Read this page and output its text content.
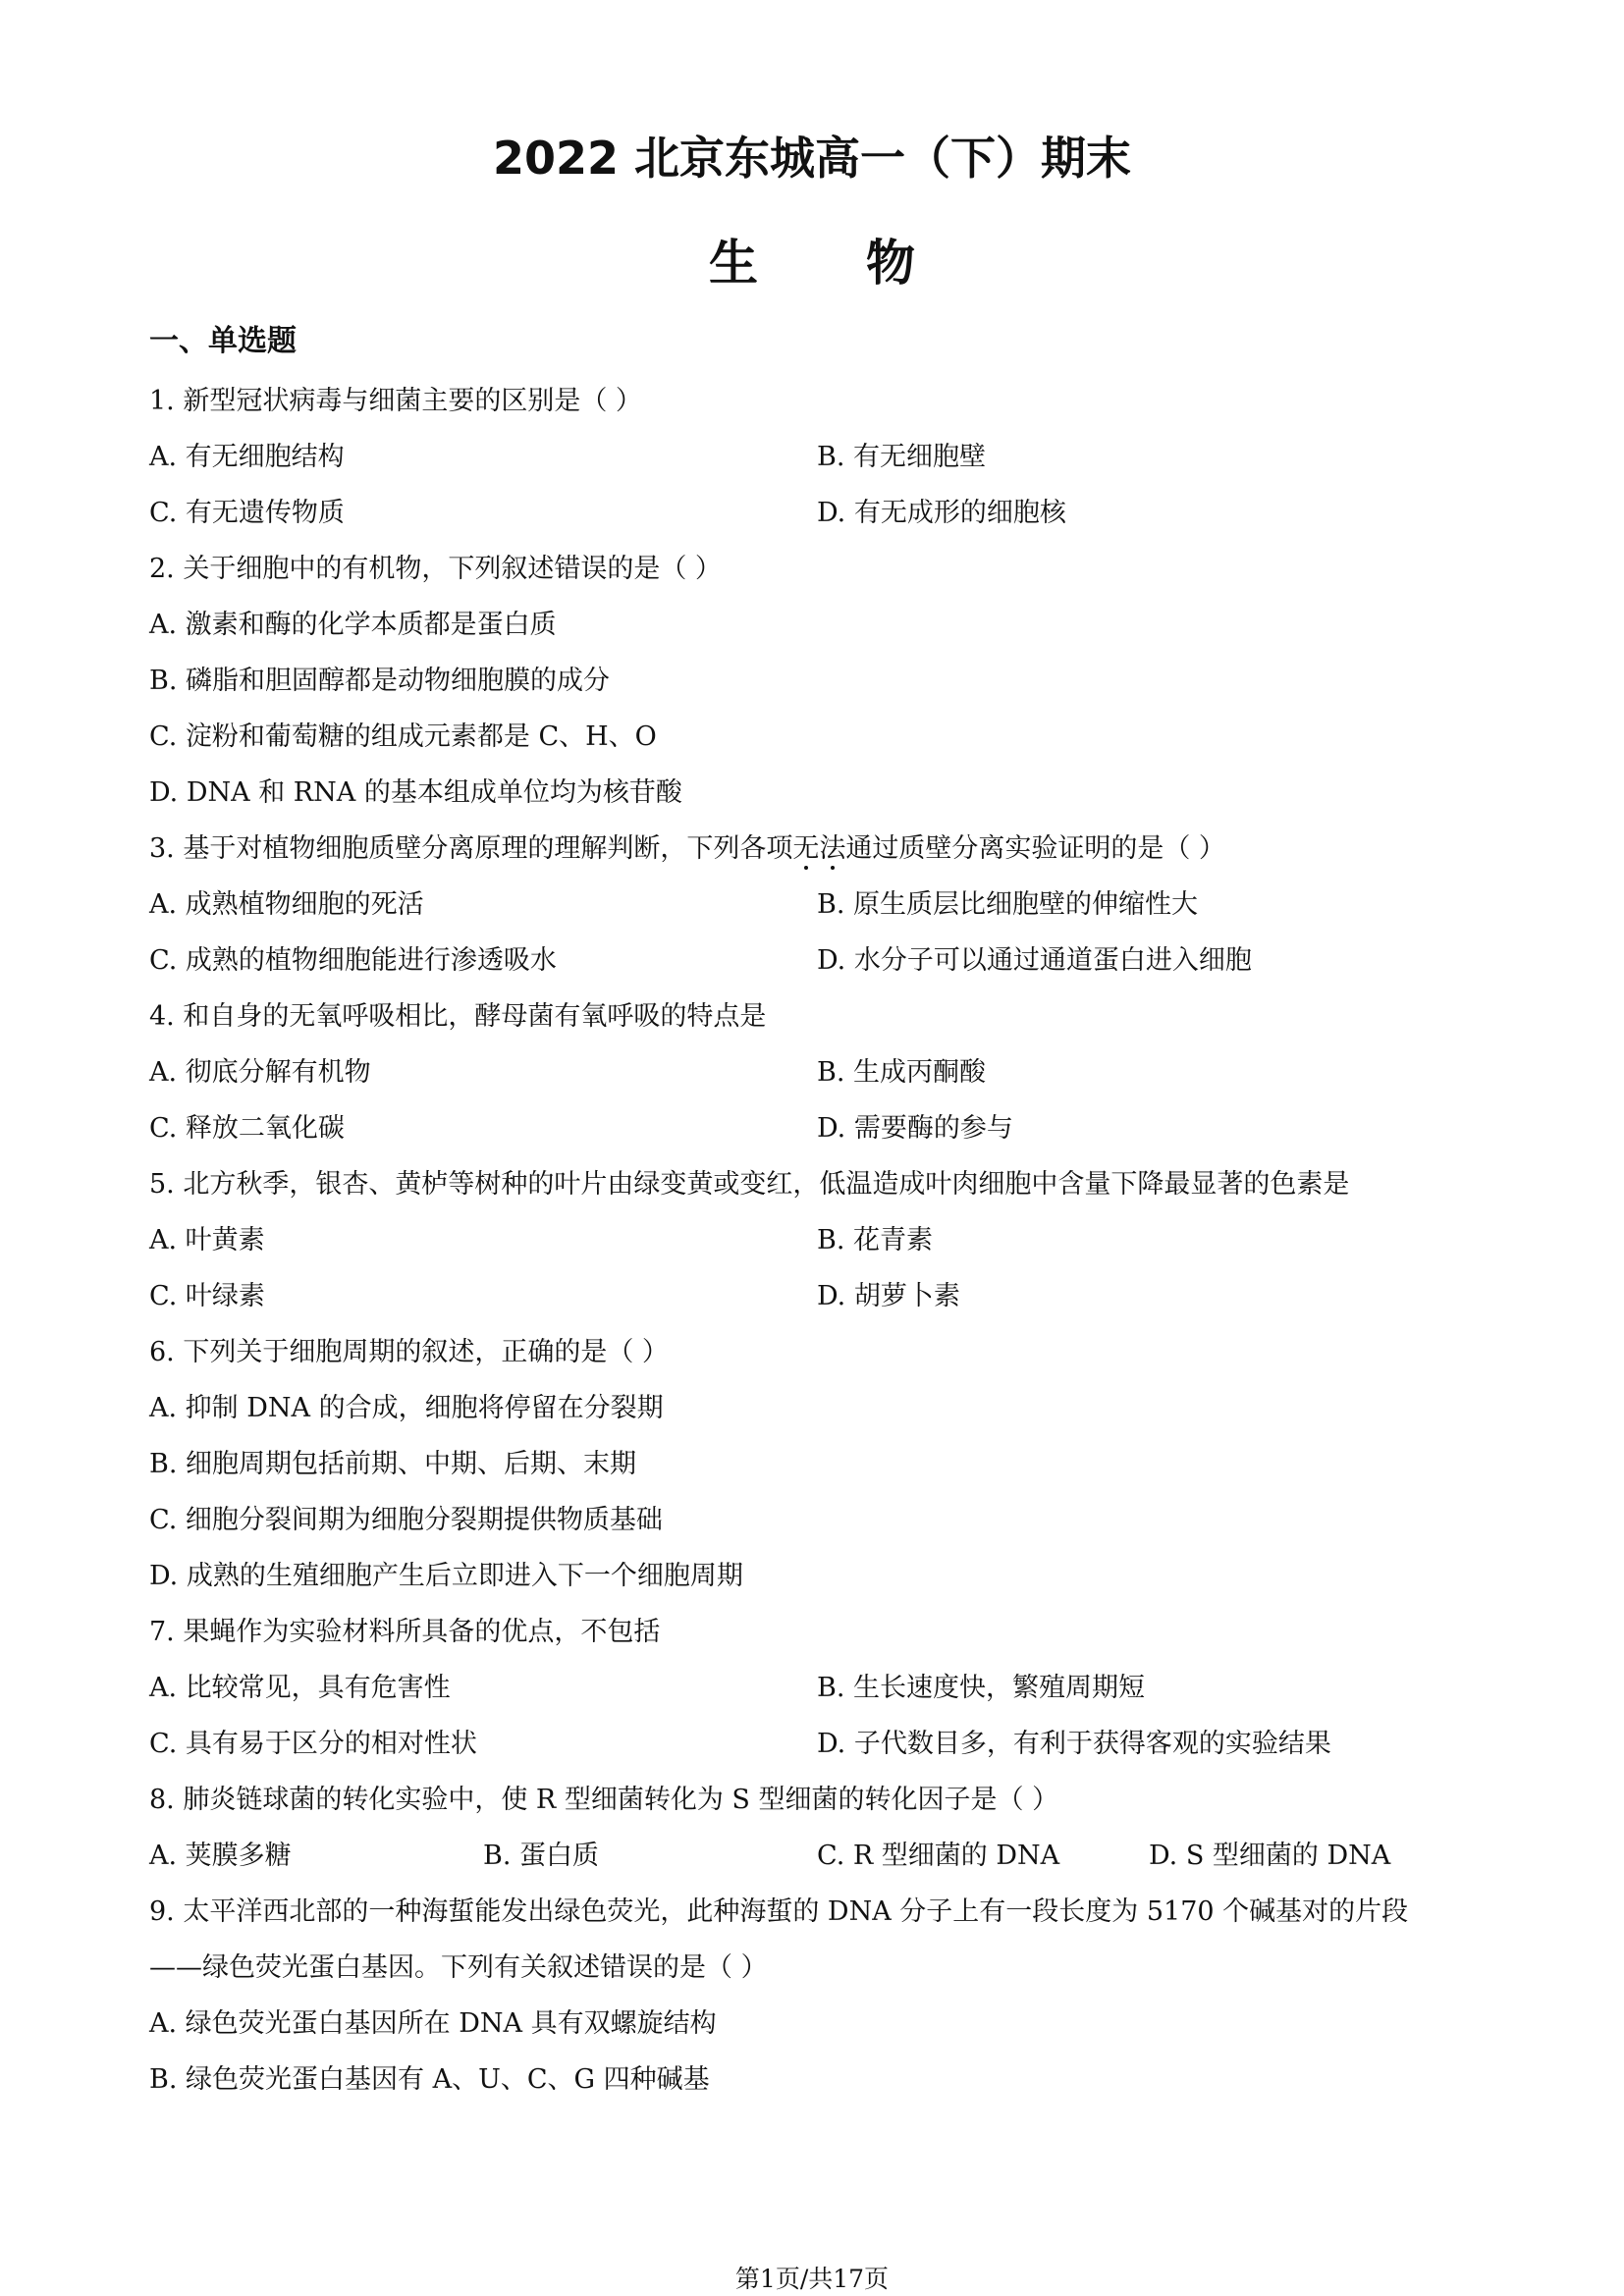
2022 北京东城高一（下）期末
生物
一、单选题
1. 新型冠状病毒与细菌主要的区别是（ ）
A. 有无细胞结构	B. 有无细胞壁
C. 有无遗传物质	D. 有无成形的细胞核
2. 关于细胞中的有机物，下列叙述错误的是（ ）
A. 激素和酶的化学本质都是蛋白质
B. 磷脂和胆固醇都是动物细胞膜的成分
C. 淀粉和葡萄糖的组成元素都是 C、H、O
D. DNA 和 RNA 的基本组成单位均为核苷酸
3. 基于对植物细胞质壁分离原理的理解判断，下列各项无法通过质壁分离实验证明的是（ ）
A. 成熟植物细胞的死活	B. 原生质层比细胞壁的伸缩性大
C. 成熟的植物细胞能进行渗透吸水	D. 水分子可以通过通道蛋白进入细胞
4. 和自身的无氧呼吸相比，酵母菌有氧呼吸的特点是
A. 彻底分解有机物	B. 生成丙酮酸
C. 释放二氧化碳	D. 需要酶的参与
5. 北方秋季，银杏、黄栌等树种的叶片由绿变黄或变红，低温造成叶肉细胞中含量下降最显著的色素是
A. 叶黄素	B. 花青素
C. 叶绿素	D. 胡萝卜素
6. 下列关于细胞周期的叙述，正确的是（ ）
A. 抑制 DNA 的合成，细胞将停留在分裂期
B. 细胞周期包括前期、中期、后期、末期
C. 细胞分裂间期为细胞分裂期提供物质基础
D. 成熟的生殖细胞产生后立即进入下一个细胞周期
7. 果蝇作为实验材料所具备的优点，不包括
A. 比较常见，具有危害性	B. 生长速度快，繁殖周期短
C. 具有易于区分的相对性状	D. 子代数目多，有利于获得客观的实验结果
8. 肺炎链球菌的转化实验中，使 R 型细菌转化为 S 型细菌的转化因子是（ ）
A. 荚膜多糖	B. 蛋白质	C. R 型细菌的 DNA	D. S 型细菌的 DNA
9. 太平洋西北部的一种海蜇能发出绿色荧光，此种海蜇的 DNA 分子上有一段长度为 5170 个碱基对的片段
——绿色荧光蛋白基因。下列有关叙述错误的是（ ）
A. 绿色荧光蛋白基因所在 DNA 具有双螺旋结构
B. 绿色荧光蛋白基因有 A、U、C、G 四种碱基
第1页/共17页
